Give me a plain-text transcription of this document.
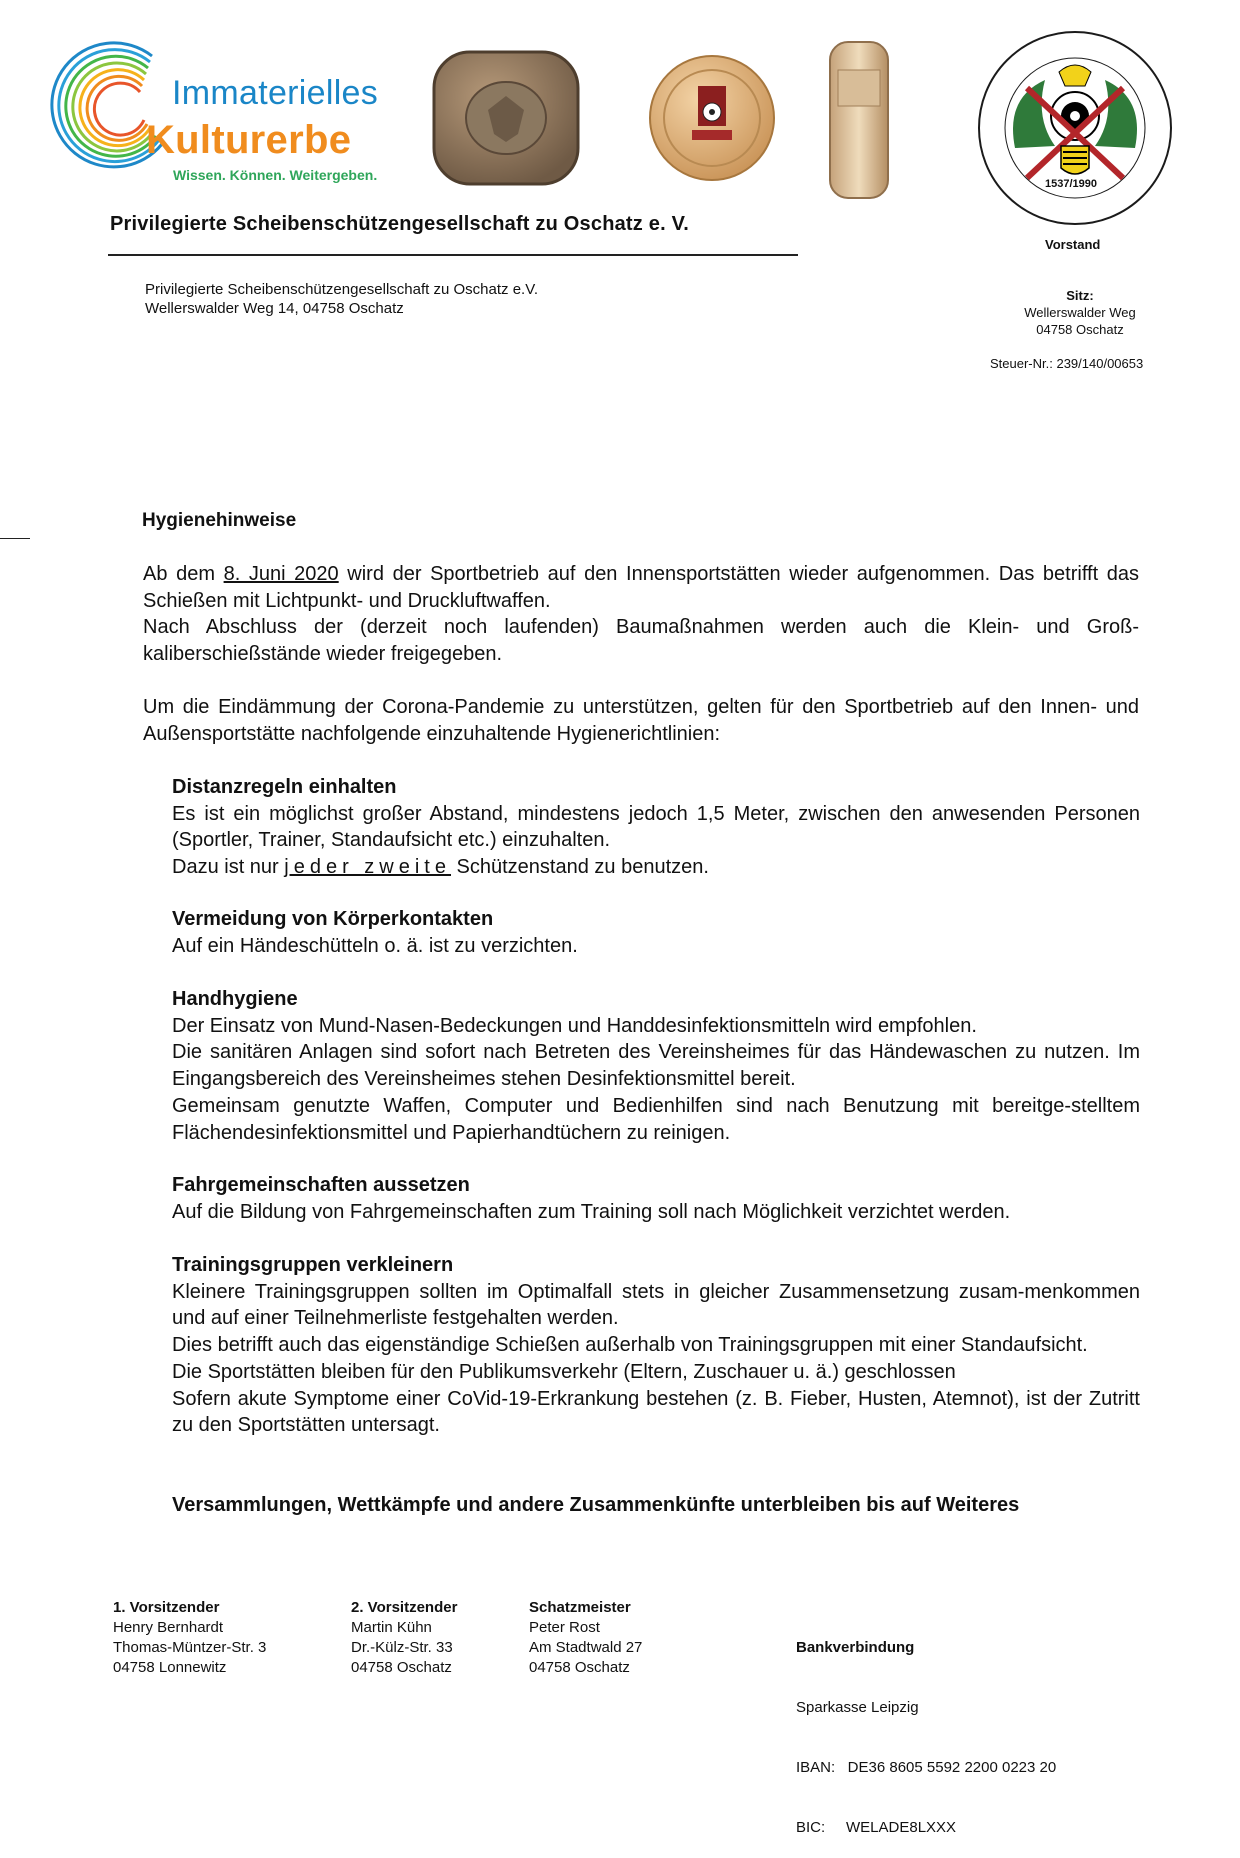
Immaterielles
Kulturerbe
Wissen. Können. Weitergeben.
1537/1990
Privilegierte Scheibenschützengesellschaft zu Oschatz e. V.
Vorstand
Privilegierte Scheibenschützengesellschaft zu Oschatz e.V.
Wellerswalder Weg 14, 04758 Oschatz
Sitz:
Wellerswalder Weg
04758 Oschatz
Steuer-Nr.: 239/140/00653
Hygienehinweise
Ab dem 8. Juni 2020 wird der Sportbetrieb auf den Innensportstätten wieder aufgenommen. Das betrifft das Schießen mit Lichtpunkt- und Druckluftwaffen.
Nach Abschluss der (derzeit noch laufenden) Baumaßnahmen werden auch die Klein- und Groß-kaliberschießstände wieder freigegeben.
Um die Eindämmung der Corona-Pandemie zu unterstützen, gelten für den Sportbetrieb auf den Innen- und Außensportstätte nachfolgende einzuhaltende Hygienerichtlinien:
Distanzregeln einhalten
Es ist ein möglichst großer Abstand, mindestens jedoch 1,5 Meter, zwischen den anwesenden Personen (Sportler, Trainer, Standaufsicht etc.) einzuhalten.
Dazu ist nur jeder zweite Schützenstand zu benutzen.
Vermeidung von Körperkontakten
Auf ein Händeschütteln o. ä. ist zu verzichten.
Handhygiene
Der Einsatz von Mund-Nasen-Bedeckungen und Handdesinfektionsmitteln wird empfohlen.
Die sanitären Anlagen sind sofort nach Betreten des Vereinsheimes für das Händewaschen zu nutzen. Im Eingangsbereich des Vereinsheimes stehen Desinfektionsmittel bereit.
Gemeinsam genutzte Waffen, Computer und Bedienhilfen sind nach Benutzung mit bereitge-stelltem Flächendesinfektionsmittel und Papierhandtüchern zu reinigen.
Fahrgemeinschaften aussetzen
Auf die Bildung von Fahrgemeinschaften zum Training soll nach Möglichkeit verzichtet werden.
Trainingsgruppen verkleinern
Kleinere Trainingsgruppen sollten im Optimalfall stets in gleicher Zusammensetzung zusam-menkommen und auf einer Teilnehmerliste festgehalten werden.
Dies betrifft auch das eigenständige Schießen außerhalb von Trainingsgruppen mit einer Standaufsicht.
Die Sportstätten bleiben für den Publikumsverkehr (Eltern, Zuschauer u. ä.) geschlossen
Sofern akute Symptome einer CoVid-19-Erkrankung bestehen (z. B. Fieber, Husten, Atemnot), ist der Zutritt zu den Sportstätten untersagt.
Versammlungen, Wettkämpfe und andere Zusammenkünfte unterbleiben bis auf Weiteres
1. Vorsitzender
Henry Bernhardt
Thomas-Müntzer-Str. 3
04758 Lonnewitz
2. Vorsitzender
Martin Kühn
Dr.-Külz-Str. 33
04758 Oschatz
Schatzmeister
Peter Rost
Am Stadtwald 27
04758 Oschatz

Bankverbindung

Sparkasse Leipzig

IBAN:   DE36 8605 5592 2200 0223 20

BIC:     WELADE8LXXX
